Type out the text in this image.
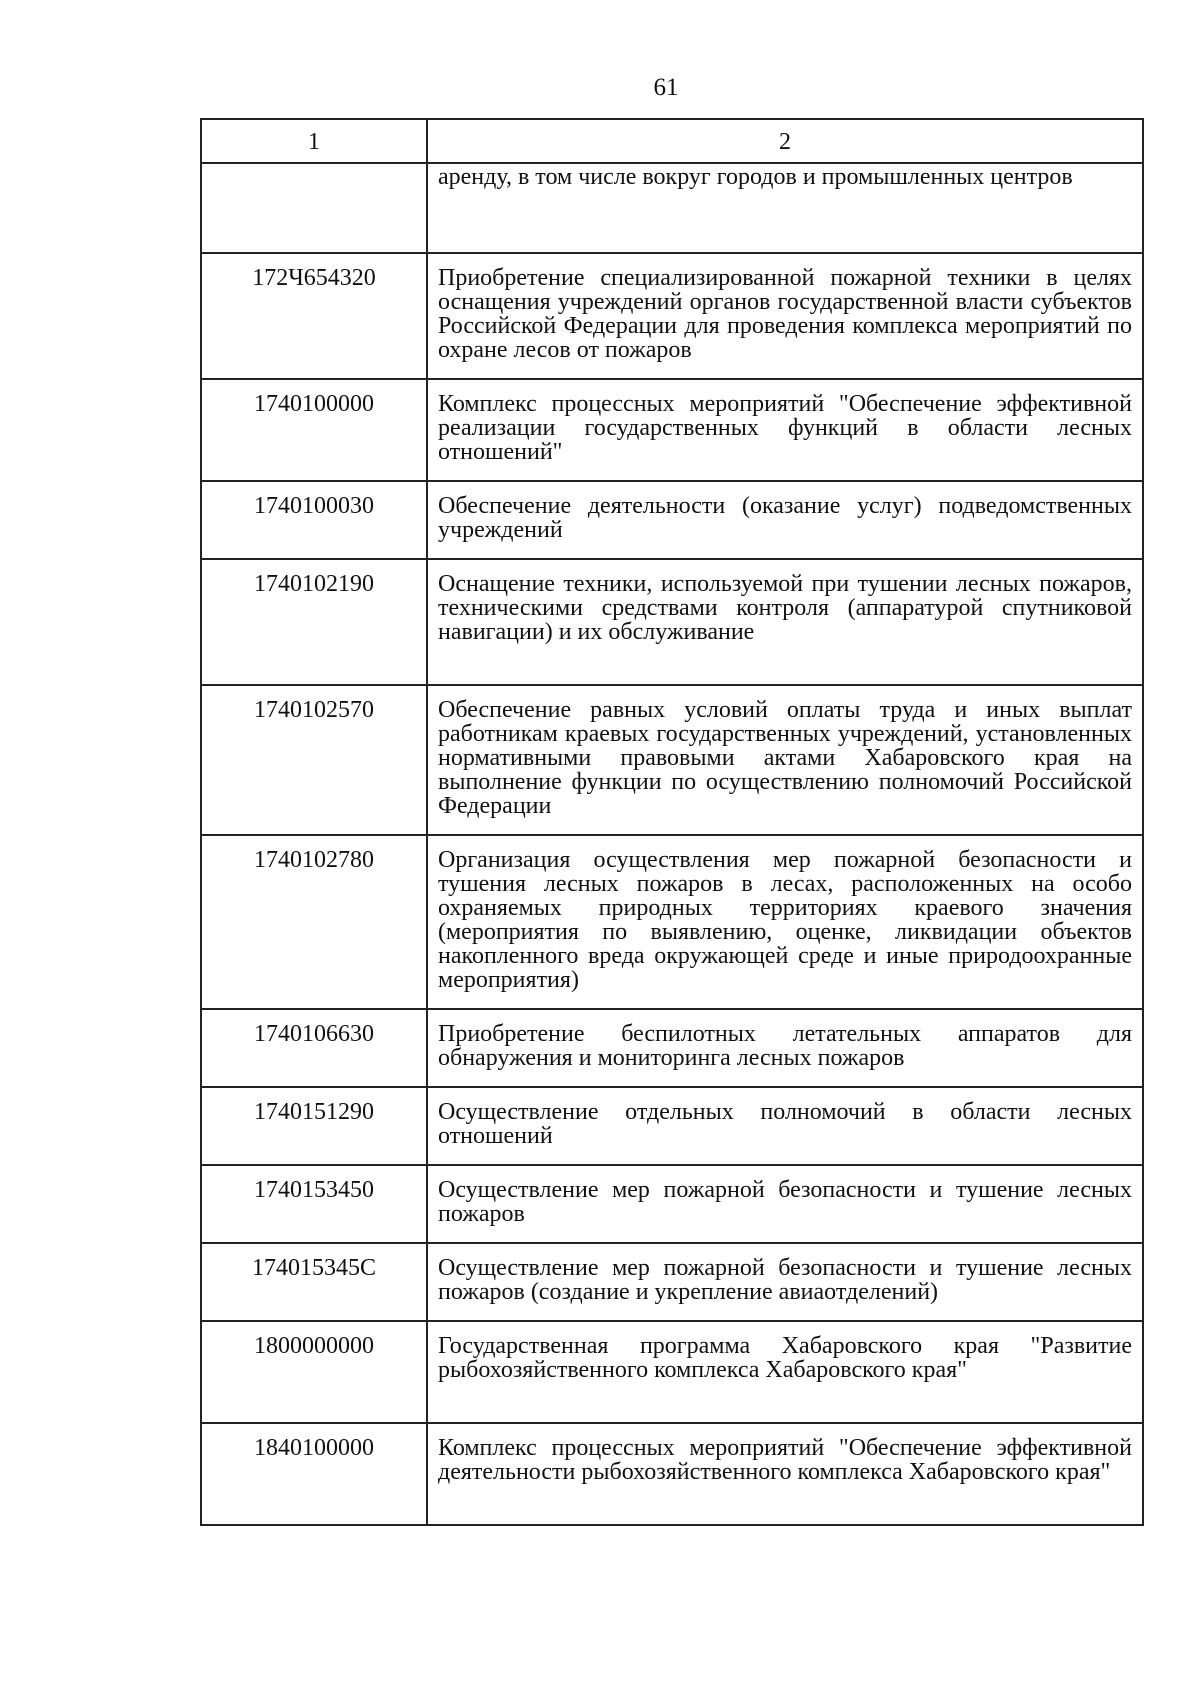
61
1	2
	аренду, в том числе вокруг городов и промышленных центров
172Ч654320	Приобретение специализированной пожарной техники в целях оснащения учреждений органов государственной власти субъектов Российской Федерации для проведения комплекса мероприятий по охране лесов от пожаров
1740100000	Комплекс процессных мероприятий "Обеспечение эффективной реализации государственных функций в области лесных отношений"
1740100030	Обеспечение деятельности (оказание услуг) подведомственных учреждений
1740102190	Оснащение техники, используемой при тушении лесных пожаров, техническими средствами контроля (аппаратурой спутниковой навигации) и их обслуживание
1740102570	Обеспечение равных условий оплаты труда и иных выплат работникам краевых государственных учреждений, установленных нормативными правовыми актами Хабаровского края на выполнение функции по осуществлению полномочий Российской Федерации
1740102780	Организация осуществления мер пожарной безопасности и тушения лесных пожаров в лесах, расположенных на особо охраняемых природных территориях краевого значения (мероприятия по выявлению, оценке, ликвидации объектов накопленного вреда окружающей среде и иные природоохранные мероприятия)
1740106630	Приобретение беспилотных летательных аппаратов для обнаружения и мониторинга лесных пожаров
1740151290	Осуществление отдельных полномочий в области лесных отношений
1740153450	Осуществление мер пожарной безопасности и тушение лесных пожаров
174015345С	Осуществление мер пожарной безопасности и тушение лесных пожаров (создание и укрепление авиаотделений)
1800000000	Государственная программа Хабаровского края "Развитие рыбохозяйственного комплекса Хабаровского края"
1840100000	Комплекс процессных мероприятий "Обеспечение эффективной деятельности рыбохозяйственного комплекса Хабаровского края"
